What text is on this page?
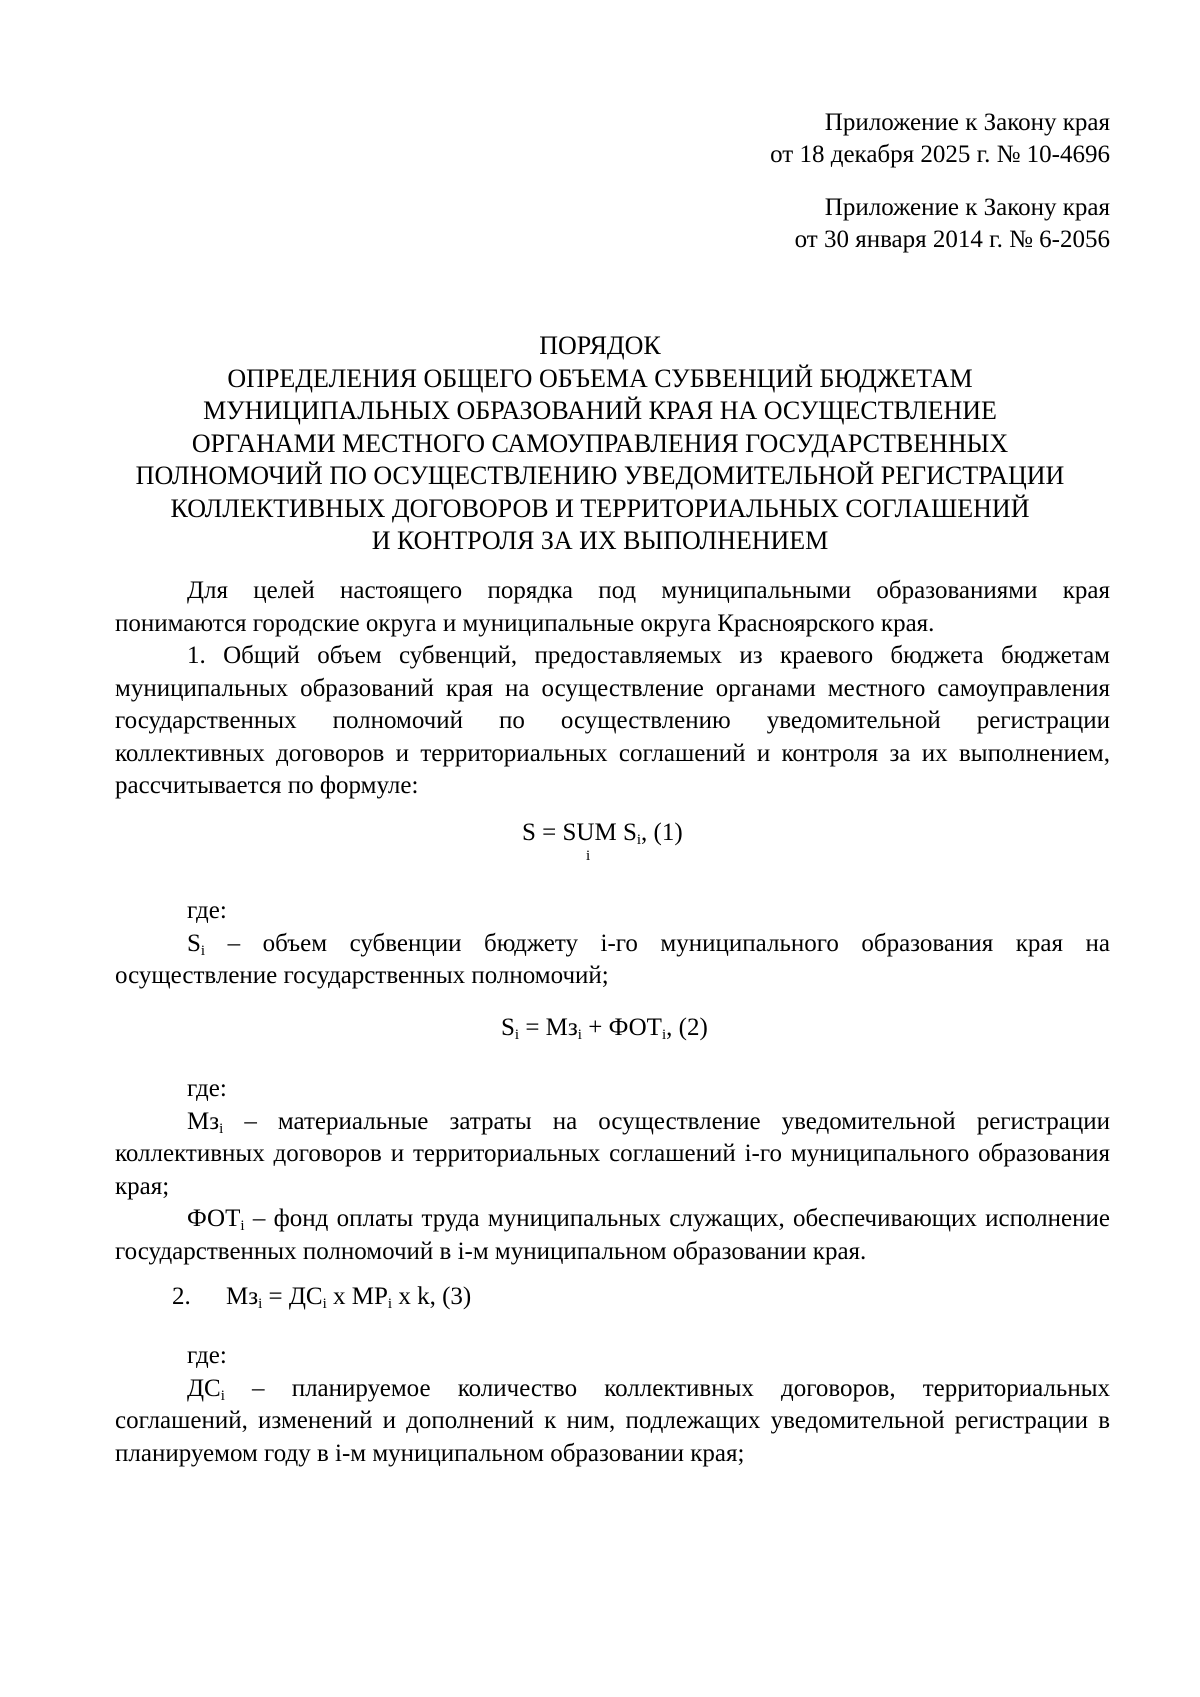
Приложение к Закону края
от 18 декабря 2025 г. № 10-4696
Приложение к Закону края
от 30 января 2014 г. № 6-2056
ПОРЯДОК
ОПРЕДЕЛЕНИЯ ОБЩЕГО ОБЪЕМА СУБВЕНЦИЙ БЮДЖЕТАМ
МУНИЦИПАЛЬНЫХ ОБРАЗОВАНИЙ КРАЯ НА ОСУЩЕСТВЛЕНИЕ
ОРГАНАМИ МЕСТНОГО САМОУПРАВЛЕНИЯ ГОСУДАРСТВЕННЫХ
ПОЛНОМОЧИЙ ПО ОСУЩЕСТВЛЕНИЮ УВЕДОМИТЕЛЬНОЙ РЕГИСТРАЦИИ
КОЛЛЕКТИВНЫХ ДОГОВОРОВ И ТЕРРИТОРИАЛЬНЫХ СОГЛАШЕНИЙ
И КОНТРОЛЯ ЗА ИХ ВЫПОЛНЕНИЕМ

Для целей настоящего порядка под муниципальными образованиями края понимаются городские округа и муниципальные округа Красноярского края.

1. Общий объем субвенций, предоставляемых из краевого бюджета бюджетам муниципальных образований края на осуществление органами местного самоуправления государственных полномочий по осуществлению уведомительной регистрации коллективных договоров и территориальных соглашений и контроля за их выполнением, рассчитывается по формуле:

S = SUM $S_i$, (1)
i

где:

$S_i$ – объем субвенции бюджету i-го муниципального образования края на осуществление государственных полномочий;

$S_i = Мз_i + ФОТ_i$, (2)

где:

$Мз_i$ – материальные затраты на осуществление уведомительной регистрации коллективных договоров и территориальных соглашений i-го муниципального образования края;

$ФОТ_i$ – фонд оплаты труда муниципальных служащих, обеспечивающих исполнение государственных полномочий в i-м муниципальном образовании края.

2. $Мз_i = ДС_i$ х $МР_i$ х k, (3)

где:

$ДС_i$ – планируемое количество коллективных договоров, территориальных соглашений, изменений и дополнений к ним, подлежащих уведомительной регистрации в планируемом году в i-м муниципальном образовании края;
